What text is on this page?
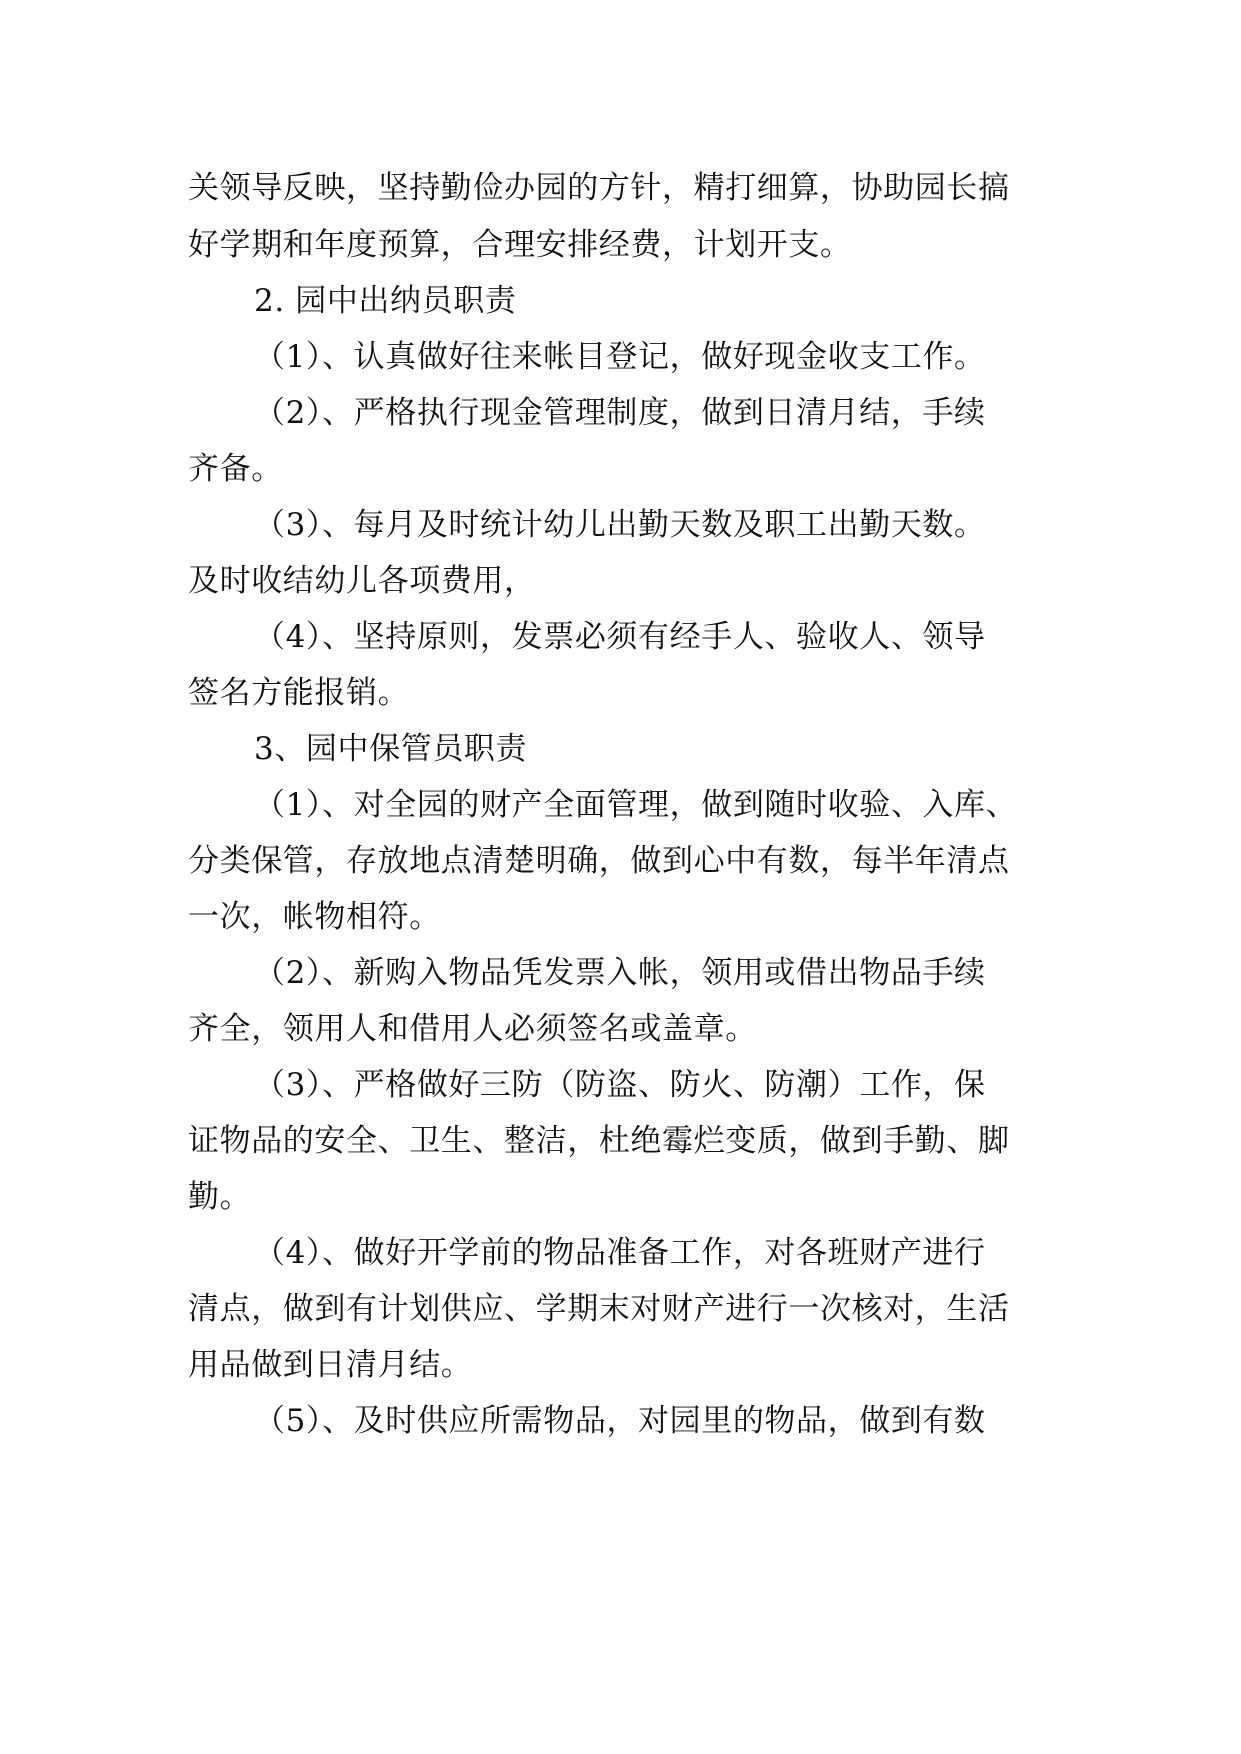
关领导反映，坚持勤俭办园的方针，精打细算，协助园长搞
好学期和年度预算，合理安排经费，计划开支。
2. 园中出纳员职责
（1）、认真做好往来帐目登记，做好现金收支工作。
（2）、严格执行现金管理制度，做到日清月结，手续
齐备。
（3）、每月及时统计幼儿出勤天数及职工出勤天数。
及时收结幼儿各项费用，
（4）、坚持原则，发票必须有经手人、验收人、领导
签名方能报销。
3、园中保管员职责
（1）、对全园的财产全面管理，做到随时收验、入库、
分类保管，存放地点清楚明确，做到心中有数，每半年清点
一次，帐物相符。
（2）、新购入物品凭发票入帐，领用或借出物品手续
齐全，领用人和借用人必须签名或盖章。
（3）、严格做好三防（防盗、防火、防潮）工作，保
证物品的安全、卫生、整洁，杜绝霉烂变质，做到手勤、脚
勤。
（4）、做好开学前的物品准备工作，对各班财产进行
清点，做到有计划供应、学期末对财产进行一次核对，生活
用品做到日清月结。
（5）、及时供应所需物品，对园里的物品，做到有数
